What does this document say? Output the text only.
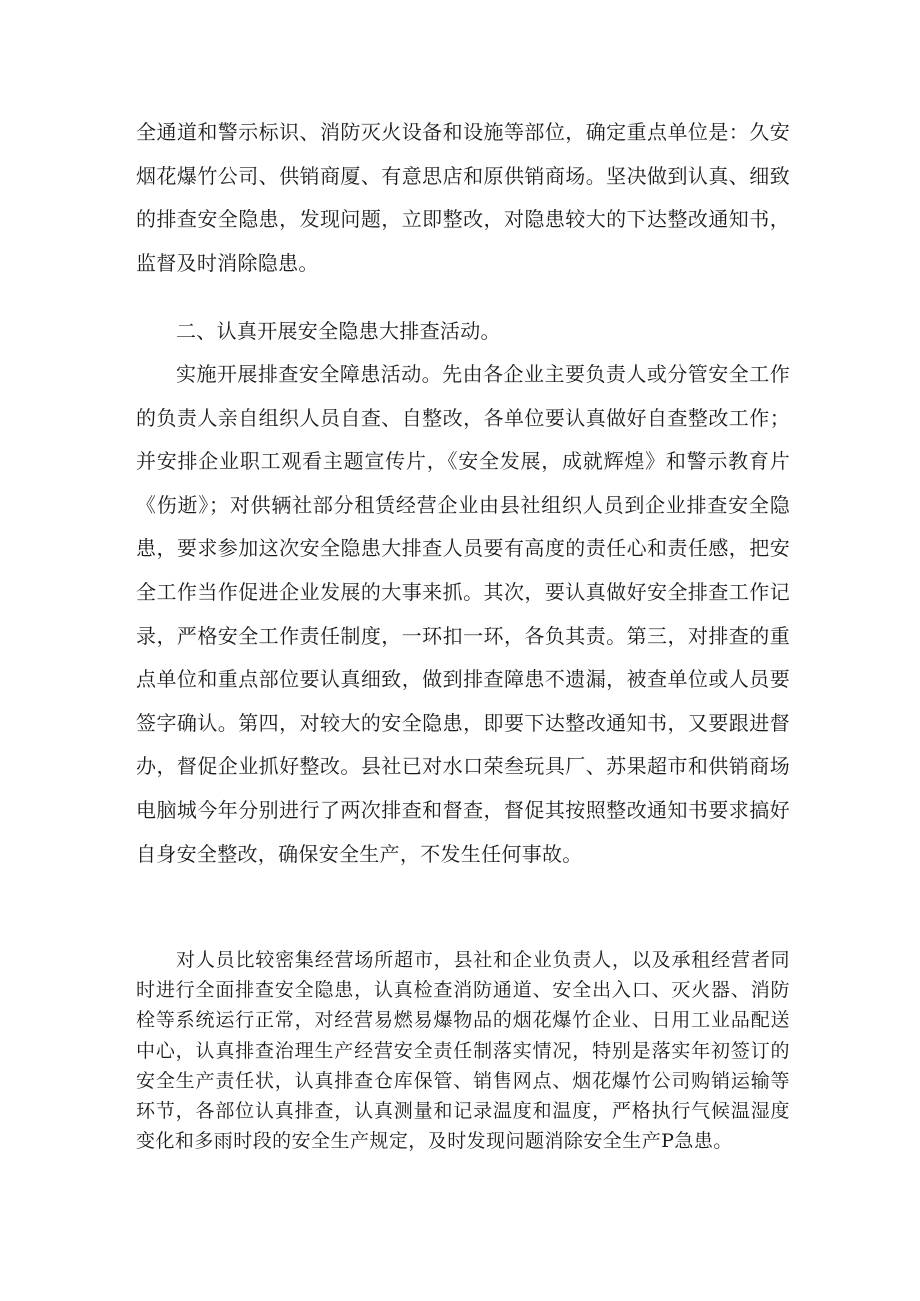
全通道和警示标识、消防灭火设备和设施等部位，确定重点单位是：久安烟花爆竹公司、供销商厦、有意思店和原供销商场。坚决做到认真、细致的排查安全隐患，发现问题，立即整改，对隐患较大的下达整改通知书，监督及时消除隐患。

二、认真开展安全隐患大排查活动。

实施开展排查安全障患活动。先由各企业主要负责人或分管安全工作的负责人亲自组织人员自查、自整改，各单位要认真做好自查整改工作；并安排企业职工观看主题宣传片，《安全发展，成就辉煌》和警示教育片《伤逝》；对供辆社部分租赁经营企业由县社组织人员到企业排查安全隐患，要求参加这次安全隐患大排查人员要有高度的责任心和责任感，把安全工作当作促进企业发展的大事来抓。其次，要认真做好安全排查工作记录，严格安全工作责任制度，一环扣一环，各负其责。第三，对排查的重点单位和重点部位要认真细致，做到排查障患不遗漏，被查单位或人员要签字确认。第四，对较大的安全隐患，即要下达整改通知书，又要跟进督办，督促企业抓好整改。县社已对水口荣叁玩具厂、苏果超市和供销商场电脑城今年分别进行了两次排查和督查，督促其按照整改通知书要求搞好自身安全整改，确保安全生产，不发生任何事故。

对人员比较密集经营场所超市，县社和企业负责人，以及承租经营者同时进行全面排查安全隐患，认真检查消防通道、安全出入口、灭火器、消防栓等系统运行正常，对经营易燃易爆物品的烟花爆竹企业、日用工业品配送中心，认真排查治理生产经营安全责任制落实情况，特别是落实年初签订的安全生产责任状，认真排查仓库保管、销售网点、烟花爆竹公司购销运输等环节，各部位认真排查，认真测量和记录温度和温度，严格执行气候温湿度变化和多雨时段的安全生产规定，及时发现问题消除安全生产P急患。
